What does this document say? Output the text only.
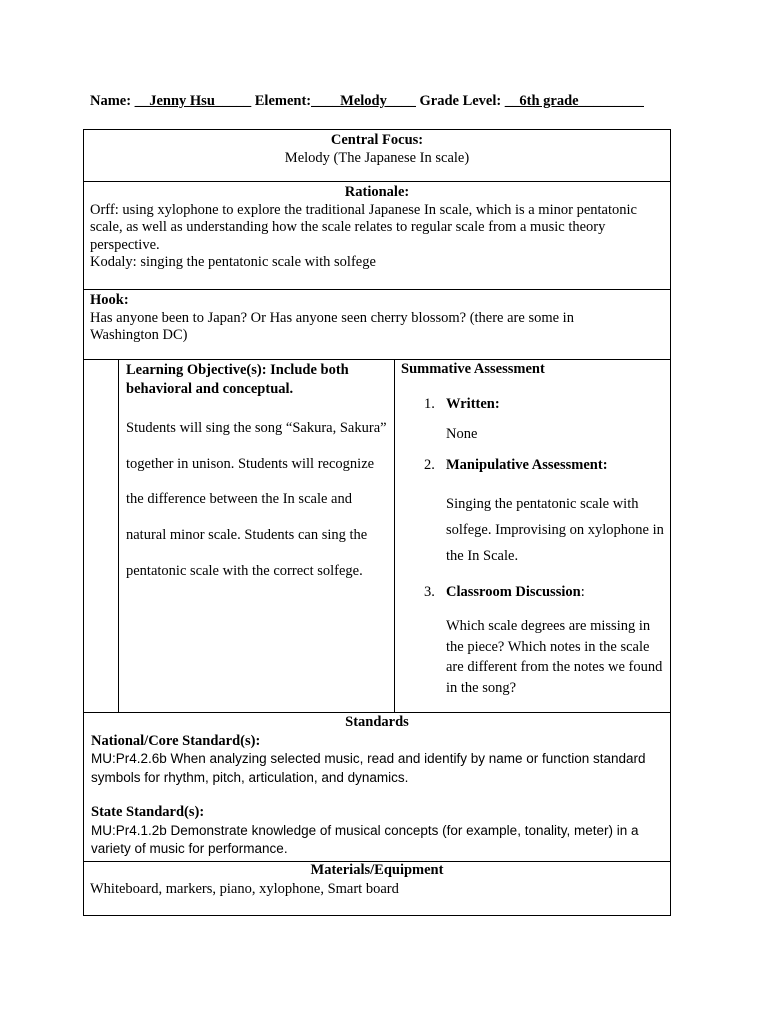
Name: __Jenny Hsu_____ Element:____Melody____ Grade Level: __6th grade_________
Central Focus:
Melody (The Japanese In scale)
Rationale:
Orff: using xylophone to explore the traditional Japanese In scale, which is a minor pentatonic scale, as well as understanding how the scale relates to regular scale from a music theory perspective.
Kodaly: singing the pentatonic scale with solfege
Hook:
Has anyone been to Japan? Or Has anyone seen cherry blossom? (there are some in Washington DC)
Learning Objective(s): Include both behavioral and conceptual.
Students will sing the song “Sakura, Sakura” together in unison. Students will recognize the difference between the In scale and natural minor scale. Students can sing the pentatonic scale with the correct solfege.
Summative Assessment
1. Written:
None
2. Manipulative Assessment:
Singing the pentatonic scale with solfege. Improvising on xylophone in the In Scale.
3. Classroom Discussion:
Which scale degrees are missing in the piece? Which notes in the scale are different from the notes we found in the song?
Standards
National/Core Standard(s):
MU:Pr4.2.6b When analyzing selected music, read and identify by name or function standard symbols for rhythm, pitch, articulation, and dynamics.
State Standard(s):
MU:Pr4.1.2b Demonstrate knowledge of musical concepts (for example, tonality, meter) in a variety of music for performance.
Materials/Equipment
Whiteboard, markers, piano, xylophone, Smart board
